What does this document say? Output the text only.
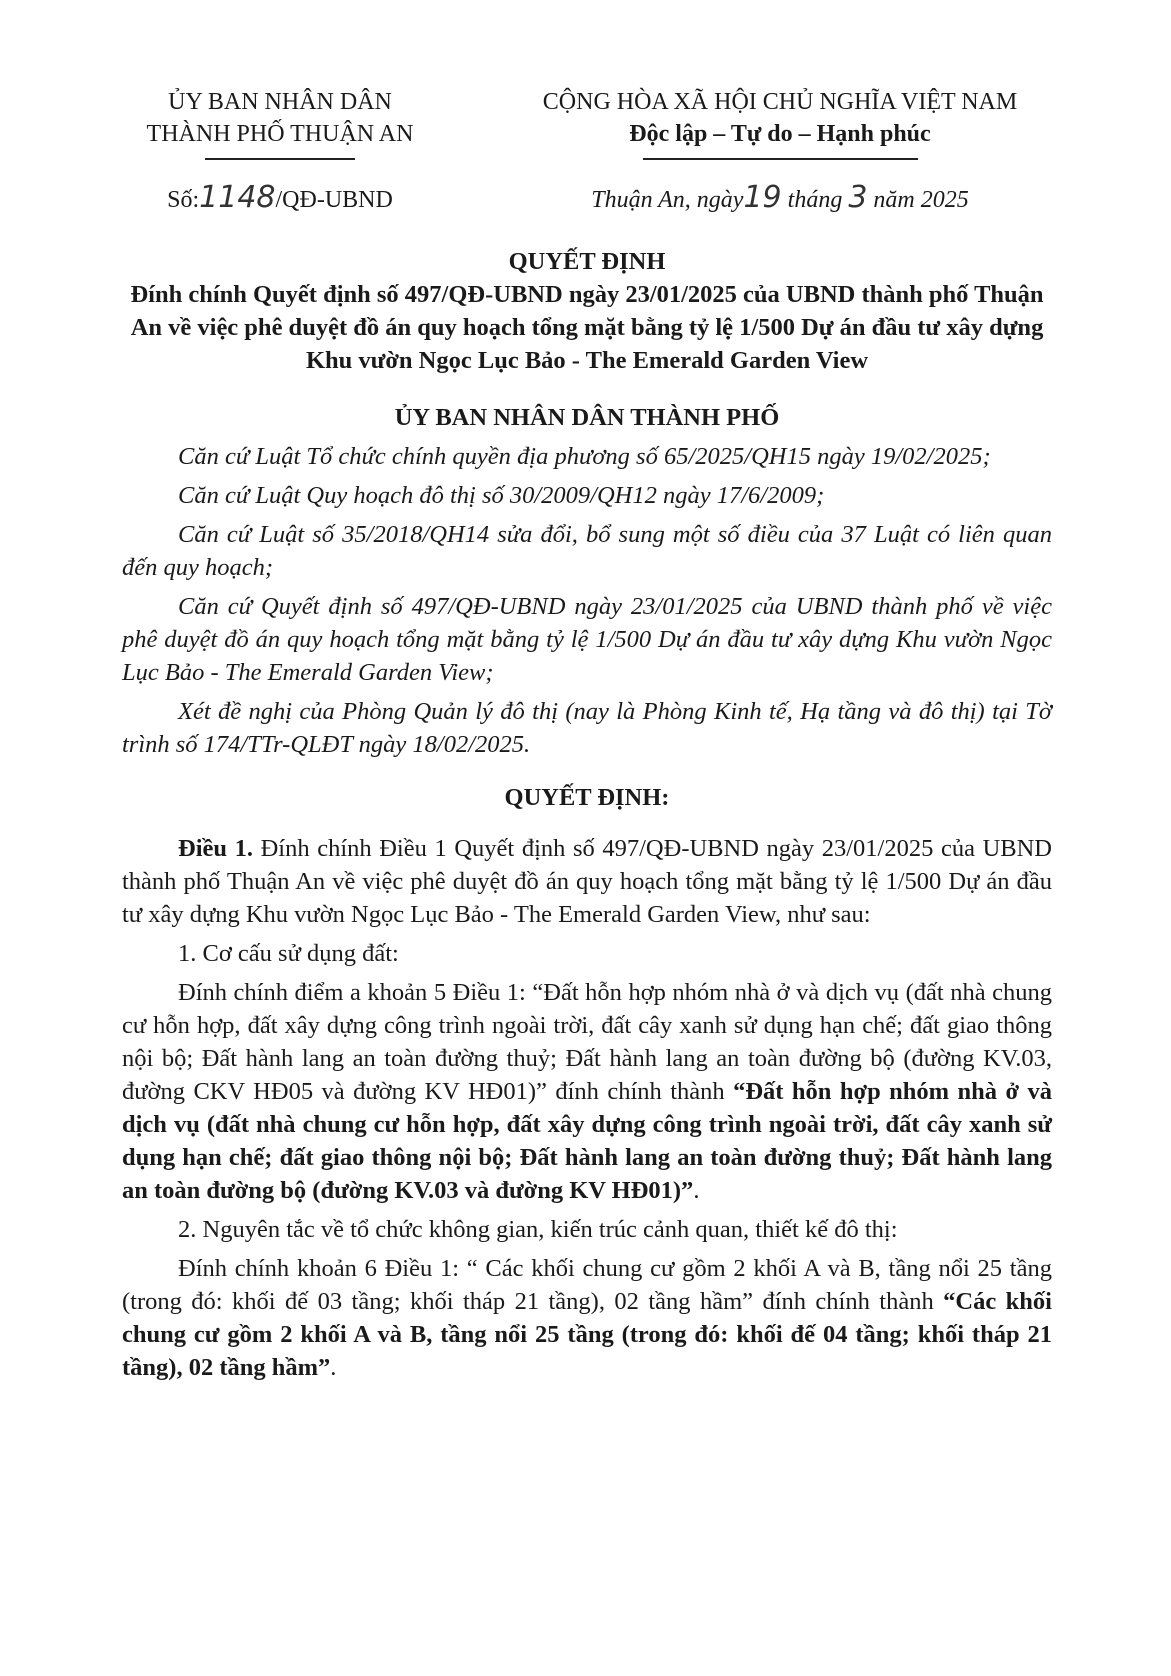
ỦY BAN NHÂN DÂN
THÀNH PHỐ THUẬN AN
Số:1148/QĐ-UBND
CỘNG HÒA XÃ HỘI CHỦ NGHĨA VIỆT NAM
Độc lập – Tự do – Hạnh phúc
Thuận An, ngày19 tháng 3 năm 2025
QUYẾT ĐỊNH
Đính chính Quyết định số 497/QĐ-UBND ngày 23/01/2025 của UBND thành phố Thuận An về việc phê duyệt đồ án quy hoạch tổng mặt bằng tỷ lệ 1/500 Dự án đầu tư xây dựng Khu vườn Ngọc Lục Bảo - The Emerald Garden View
ỦY BAN NHÂN DÂN THÀNH PHỐ

Căn cứ Luật Tổ chức chính quyền địa phương số 65/2025/QH15 ngày 19/02/2025;

Căn cứ Luật Quy hoạch đô thị số 30/2009/QH12 ngày 17/6/2009;

Căn cứ Luật số 35/2018/QH14 sửa đổi, bổ sung một số điều của 37 Luật có liên quan đến quy hoạch;

Căn cứ Quyết định số 497/QĐ-UBND ngày 23/01/2025 của UBND thành phố về việc phê duyệt đồ án quy hoạch tổng mặt bằng tỷ lệ 1/500 Dự án đầu tư xây dựng Khu vườn Ngọc Lục Bảo - The Emerald Garden View;

Xét đề nghị của Phòng Quản lý đô thị (nay là Phòng Kinh tế, Hạ tầng và đô thị) tại Tờ trình số 174/TTr-QLĐT ngày 18/02/2025.

QUYẾT ĐỊNH:

Điều 1. Đính chính Điều 1 Quyết định số 497/QĐ-UBND ngày 23/01/2025 của UBND thành phố Thuận An về việc phê duyệt đồ án quy hoạch tổng mặt bằng tỷ lệ 1/500 Dự án đầu tư xây dựng Khu vườn Ngọc Lục Bảo - The Emerald Garden View, như sau:

1. Cơ cấu sử dụng đất:

Đính chính điểm a khoản 5 Điều 1: “Đất hỗn hợp nhóm nhà ở và dịch vụ (đất nhà chung cư hỗn hợp, đất xây dựng công trình ngoài trời, đất cây xanh sử dụng hạn chế; đất giao thông nội bộ; Đất hành lang an toàn đường thuỷ; Đất hành lang an toàn đường bộ (đường KV.03, đường CKV HĐ05 và đường KV HĐ01)” đính chính thành “Đất hỗn hợp nhóm nhà ở và dịch vụ (đất nhà chung cư hỗn hợp, đất xây dựng công trình ngoài trời, đất cây xanh sử dụng hạn chế; đất giao thông nội bộ; Đất hành lang an toàn đường thuỷ; Đất hành lang an toàn đường bộ (đường KV.03 và đường KV HĐ01)”.

2. Nguyên tắc về tổ chức không gian, kiến trúc cảnh quan, thiết kế đô thị:

Đính chính khoản 6 Điều 1: “ Các khối chung cư gồm 2 khối A và B, tầng nổi 25 tầng (trong đó: khối đế 03 tầng; khối tháp 21 tầng), 02 tầng hầm” đính chính thành “Các khối chung cư gồm 2 khối A và B, tầng nổi 25 tầng (trong đó: khối đế 04 tầng; khối tháp 21 tầng), 02 tầng hầm”.
